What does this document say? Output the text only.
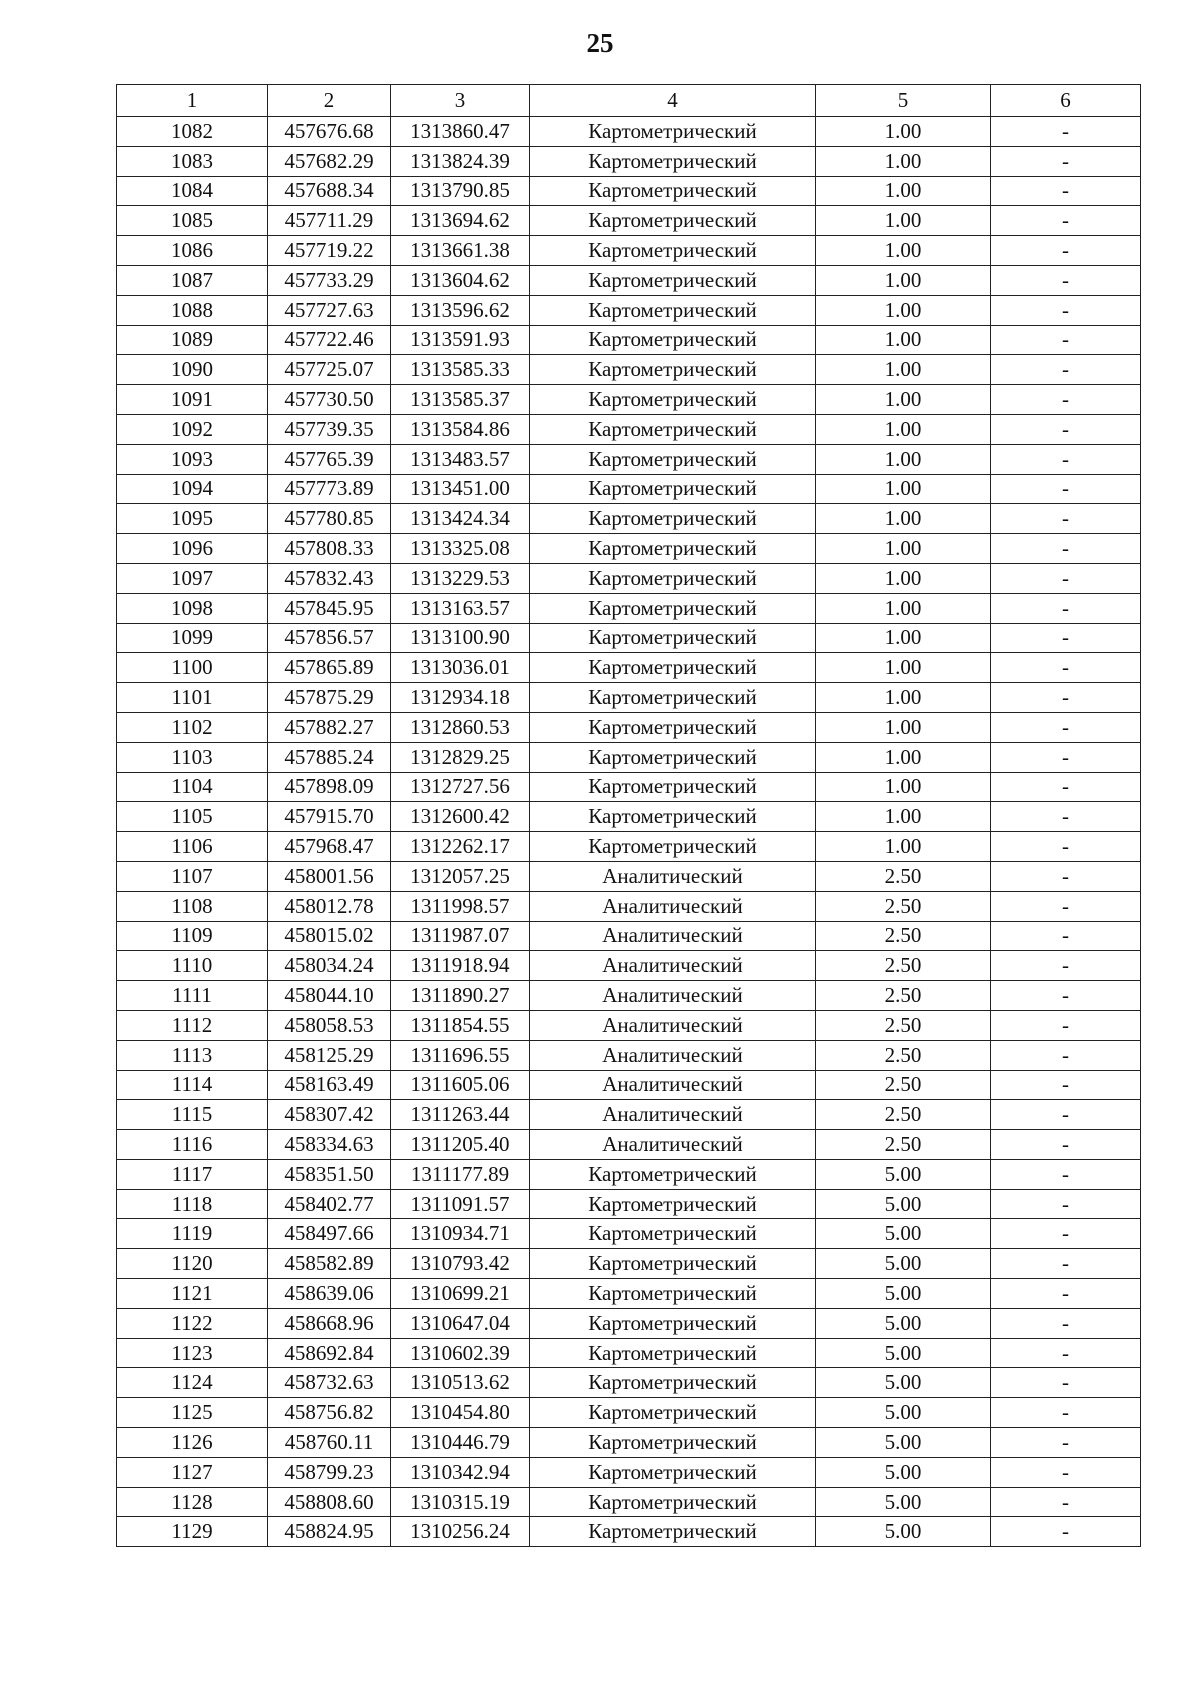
25
1	2	3	4	5	6
1082	457676.68	1313860.47	Картометрический	1.00	-
1083	457682.29	1313824.39	Картометрический	1.00	-
1084	457688.34	1313790.85	Картометрический	1.00	-
1085	457711.29	1313694.62	Картометрический	1.00	-
1086	457719.22	1313661.38	Картометрический	1.00	-
1087	457733.29	1313604.62	Картометрический	1.00	-
1088	457727.63	1313596.62	Картометрический	1.00	-
1089	457722.46	1313591.93	Картометрический	1.00	-
1090	457725.07	1313585.33	Картометрический	1.00	-
1091	457730.50	1313585.37	Картометрический	1.00	-
1092	457739.35	1313584.86	Картометрический	1.00	-
1093	457765.39	1313483.57	Картометрический	1.00	-
1094	457773.89	1313451.00	Картометрический	1.00	-
1095	457780.85	1313424.34	Картометрический	1.00	-
1096	457808.33	1313325.08	Картометрический	1.00	-
1097	457832.43	1313229.53	Картометрический	1.00	-
1098	457845.95	1313163.57	Картометрический	1.00	-
1099	457856.57	1313100.90	Картометрический	1.00	-
1100	457865.89	1313036.01	Картометрический	1.00	-
1101	457875.29	1312934.18	Картометрический	1.00	-
1102	457882.27	1312860.53	Картометрический	1.00	-
1103	457885.24	1312829.25	Картометрический	1.00	-
1104	457898.09	1312727.56	Картометрический	1.00	-
1105	457915.70	1312600.42	Картометрический	1.00	-
1106	457968.47	1312262.17	Картометрический	1.00	-
1107	458001.56	1312057.25	Аналитический	2.50	-
1108	458012.78	1311998.57	Аналитический	2.50	-
1109	458015.02	1311987.07	Аналитический	2.50	-
1110	458034.24	1311918.94	Аналитический	2.50	-
1111	458044.10	1311890.27	Аналитический	2.50	-
1112	458058.53	1311854.55	Аналитический	2.50	-
1113	458125.29	1311696.55	Аналитический	2.50	-
1114	458163.49	1311605.06	Аналитический	2.50	-
1115	458307.42	1311263.44	Аналитический	2.50	-
1116	458334.63	1311205.40	Аналитический	2.50	-
1117	458351.50	1311177.89	Картометрический	5.00	-
1118	458402.77	1311091.57	Картометрический	5.00	-
1119	458497.66	1310934.71	Картометрический	5.00	-
1120	458582.89	1310793.42	Картометрический	5.00	-
1121	458639.06	1310699.21	Картометрический	5.00	-
1122	458668.96	1310647.04	Картометрический	5.00	-
1123	458692.84	1310602.39	Картометрический	5.00	-
1124	458732.63	1310513.62	Картометрический	5.00	-
1125	458756.82	1310454.80	Картометрический	5.00	-
1126	458760.11	1310446.79	Картометрический	5.00	-
1127	458799.23	1310342.94	Картометрический	5.00	-
1128	458808.60	1310315.19	Картометрический	5.00	-
1129	458824.95	1310256.24	Картометрический	5.00	-
